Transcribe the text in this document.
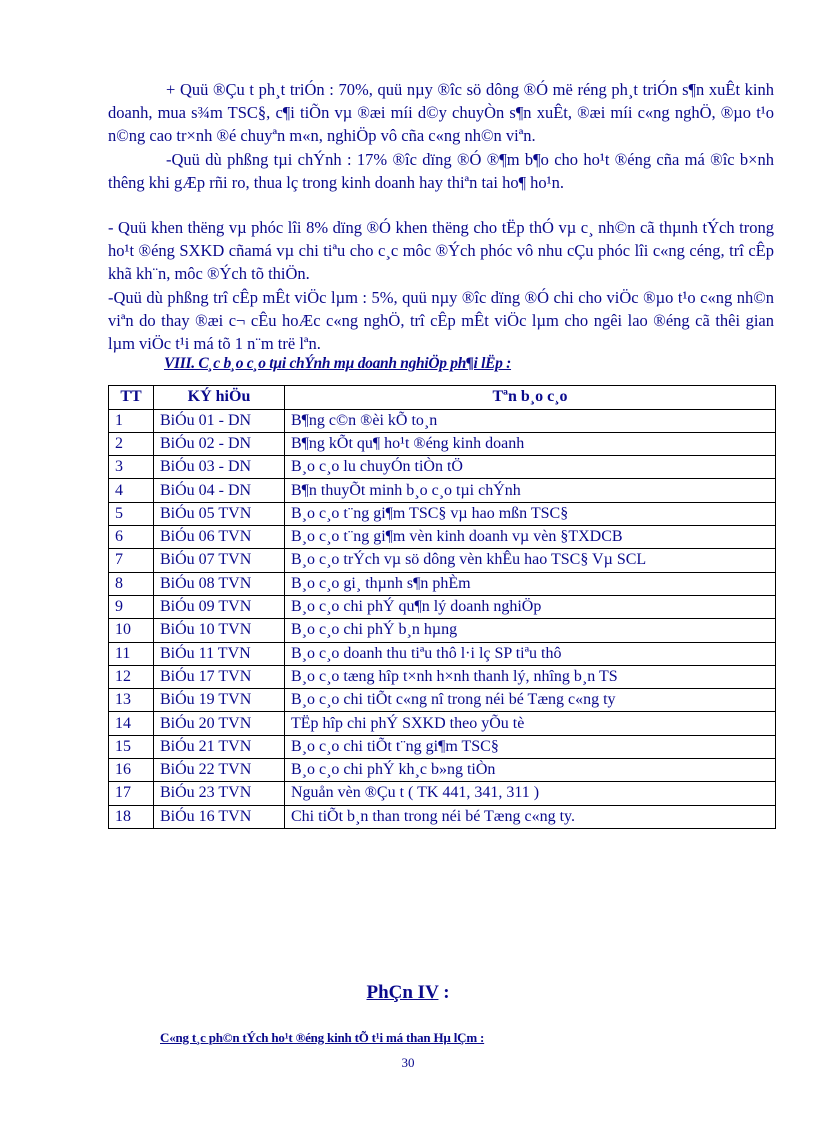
+ Quü ®Çu t ph¸t triÓn : 70%, quü nµy ®îc sö dông ®Ó më réng ph¸t triÓn s¶n xuÊt kinh doanh, mua s¾m TSC§, c¶i tiÕn vµ ®æi míi d©y chuyÒn s¶n xuÊt, ®æi míi c«ng nghÖ, ®µo t¹o n©ng cao tr×nh ®é chuyªn m«n, nghiÖp vô cña c«ng nh©n viªn.

-Quü dù phßng tµi chÝnh : 17% ®îc dïng ®Ó ®¶m b¶o cho ho¹t ®éng cña má ®îc b×nh thêng khi gÆp rñi ro, thua lç trong kinh doanh hay thiªn tai ho¶ ho¹n.

- Quü khen thëng vµ phóc lîi 8% dïng ®Ó khen thëng cho tËp thÓ vµ c¸ nh©n cã thµnh tÝch trong ho¹t ®éng SXKD cñamá vµ chi tiªu cho c¸c môc ®Ých phóc vô nhu cÇu phóc lîi c«ng céng, trî cÊp khã kh¨n, môc ®Ých tõ thiÖn.

-Quü dù phßng trî cÊp mÊt viÖc lµm : 5%, quü nµy ®îc dïng ®Ó chi cho viÖc ®µo t¹o c«ng nh©n viªn do thay ®æi c¬ cÊu hoÆc c«ng nghÖ, trî cÊp mÊt viÖc lµm cho ngêi lao ®éng cã thêi gian lµm viÖc t¹i má tõ 1 n¨m trë lªn.

VIII. C¸c b¸o c¸o tµi chÝnh mµ doanh nghiÖp ph¶i lËp :

TT	KÝ hiÖu	Tªn b¸o c¸o
1	BiÓu 01 - DN	B¶ng c©n ®èi kÕ to¸n
2	BiÓu 02 - DN	B¶ng kÕt qu¶ ho¹t ®éng kinh doanh
3	BiÓu 03 - DN	B¸o c¸o lu chuyÓn tiÒn tÖ
4	BiÓu 04 - DN	B¶n thuyÕt minh b¸o c¸o tµi chÝnh
5	BiÓu 05 TVN	B¸o c¸o t¨ng gi¶m TSC§ vµ hao mßn TSC§
6	BiÓu 06 TVN	B¸o c¸o t¨ng gi¶m vèn kinh doanh vµ vèn §TXDCB
7	BiÓu 07 TVN	B¸o c¸o trÝch vµ sö dông vèn khÊu hao TSC§ Vµ SCL
8	BiÓu 08 TVN	B¸o c¸o gi¸ thµnh s¶n phÈm
9	BiÓu 09 TVN	B¸o c¸o chi phÝ qu¶n lý doanh nghiÖp
10	BiÓu 10 TVN	B¸o c¸o chi phÝ b¸n hµng
11	BiÓu 11 TVN	B¸o c¸o doanh thu tiªu thô l·i lç SP tiªu thô
12	BiÓu 17 TVN	B¸o c¸o tæng hîp t×nh h×nh thanh lý, nhîng b¸n TS
13	BiÓu 19 TVN	B¸o c¸o chi tiÕt c«ng nî trong néi bé Tæng c«ng ty
14	BiÓu 20 TVN	TËp hîp chi phÝ SXKD theo yÕu tè
15	BiÓu 21 TVN	B¸o c¸o chi tiÕt t¨ng gi¶m TSC§
16	BiÓu 22 TVN	B¸o c¸o chi phÝ kh¸c b»ng tiÒn
17	BiÓu 23 TVN	Nguån vèn ®Çu t ( TK 441, 341, 311 )
18	BiÓu 16 TVN	Chi tiÕt b¸n than trong néi bé Tæng c«ng ty.
PhÇn IV :
C«ng t¸c ph©n tÝch ho¹t ®éng kinh tÕ t¹i má than Hµ lÇm :
30
